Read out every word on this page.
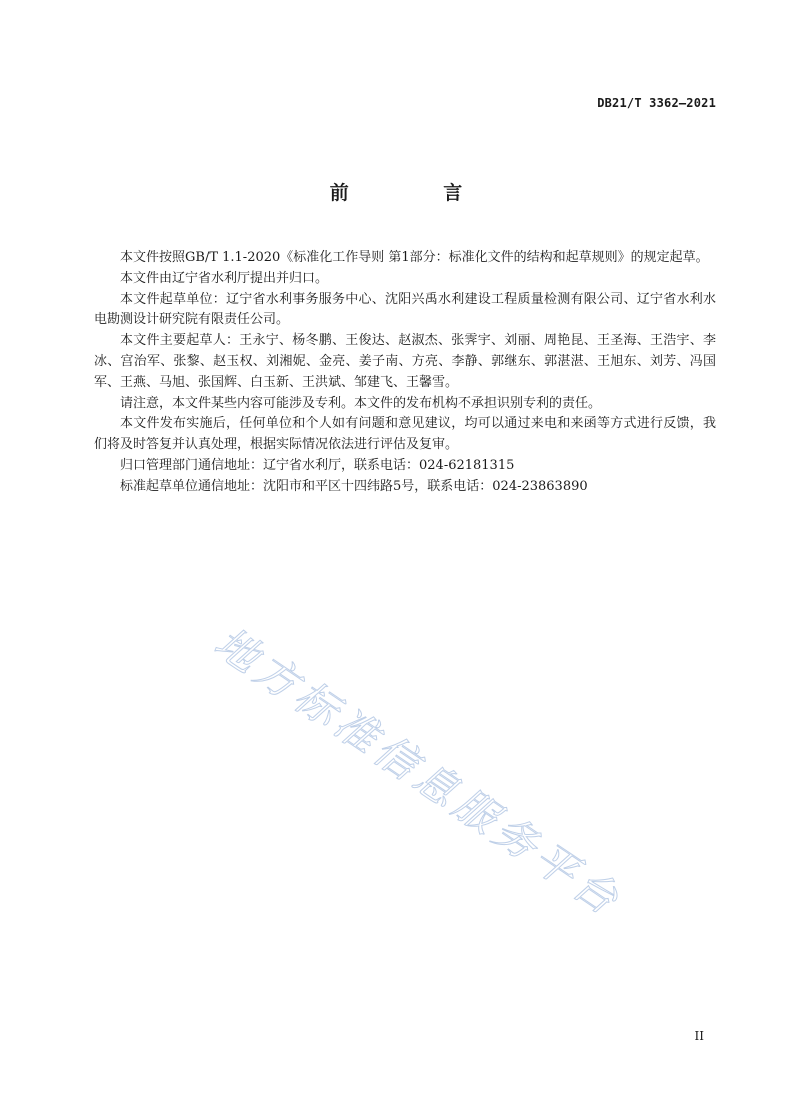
DB21/T 3362—2021
前 言

本文件按照GB/T 1.1-2020《标准化工作导则 第1部分：标准化文件的结构和起草规则》的规定起草。

本文件由辽宁省水利厅提出并归口。

本文件起草单位：辽宁省水利事务服务中心、沈阳兴禹水利建设工程质量检测有限公司、辽宁省水利水电勘测设计研究院有限责任公司。

本文件主要起草人：王永宁、杨冬鹏、王俊达、赵淑杰、张霁宇、刘丽、周艳昆、王圣海、王浩宇、李冰、宫治军、张黎、赵玉权、刘湘妮、金亮、姜子南、方亮、李静、郭继东、郭湛湛、王旭东、刘芳、冯国军、王燕、马旭、张国辉、白玉新、王洪斌、邹建飞、王馨雪。

请注意，本文件某些内容可能涉及专利。本文件的发布机构不承担识别专利的责任。

本文件发布实施后，任何单位和个人如有问题和意见建议，均可以通过来电和来函等方式进行反馈，我们将及时答复并认真处理，根据实际情况依法进行评估及复审。

归口管理部门通信地址：辽宁省水利厅，联系电话：024-62181315

标准起草单位通信地址：沈阳市和平区十四纬路5号，联系电话：024-23863890

地方标准信息服务平台
II
